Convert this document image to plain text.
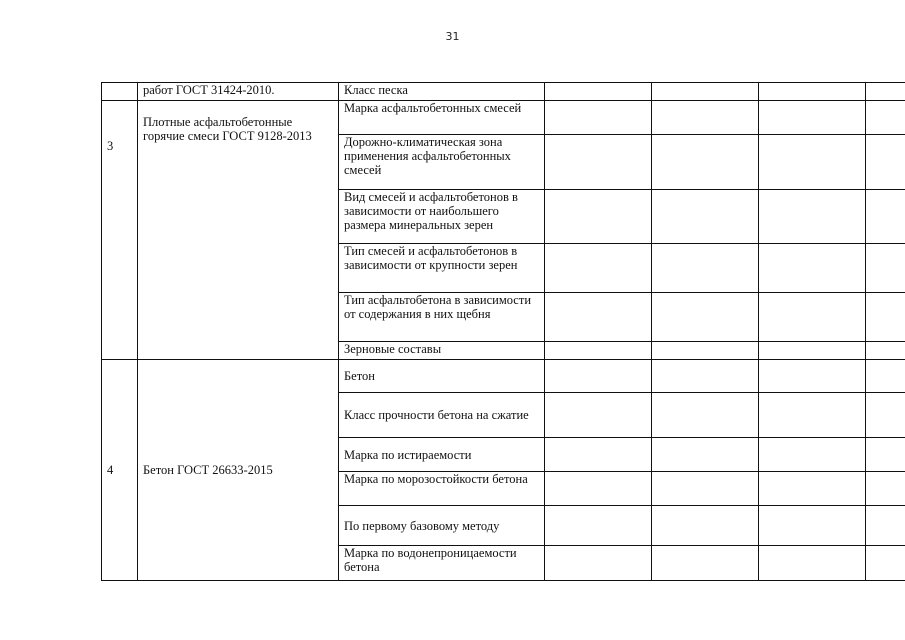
31
	работ ГОСТ 31424-2010.	Класс песка				
3	Плотные асфальтобетонные горячие смеси ГОСТ 9128-2013	Марка асфальтобетонных смесей				
		Дорожно-климатическая зона применения асфальтобетонных смесей				
		Вид смесей и асфальтобетонов в зависимости от наибольшего размера минеральных зерен				
		Тип смесей и асфальтобетонов в зависимости от крупности зерен				
		Тип асфальтобетона в зависимости от содержания в них щебня				
		Зерновые составы				
4	Бетон ГОСТ 26633-2015	Бетон				
		Класс прочности бетона на сжатие				
		Марка по истираемости				
		Марка по морозостойкости бетона				
		По первому базовому методу				
		Марка по водонепроницаемости бетона				
